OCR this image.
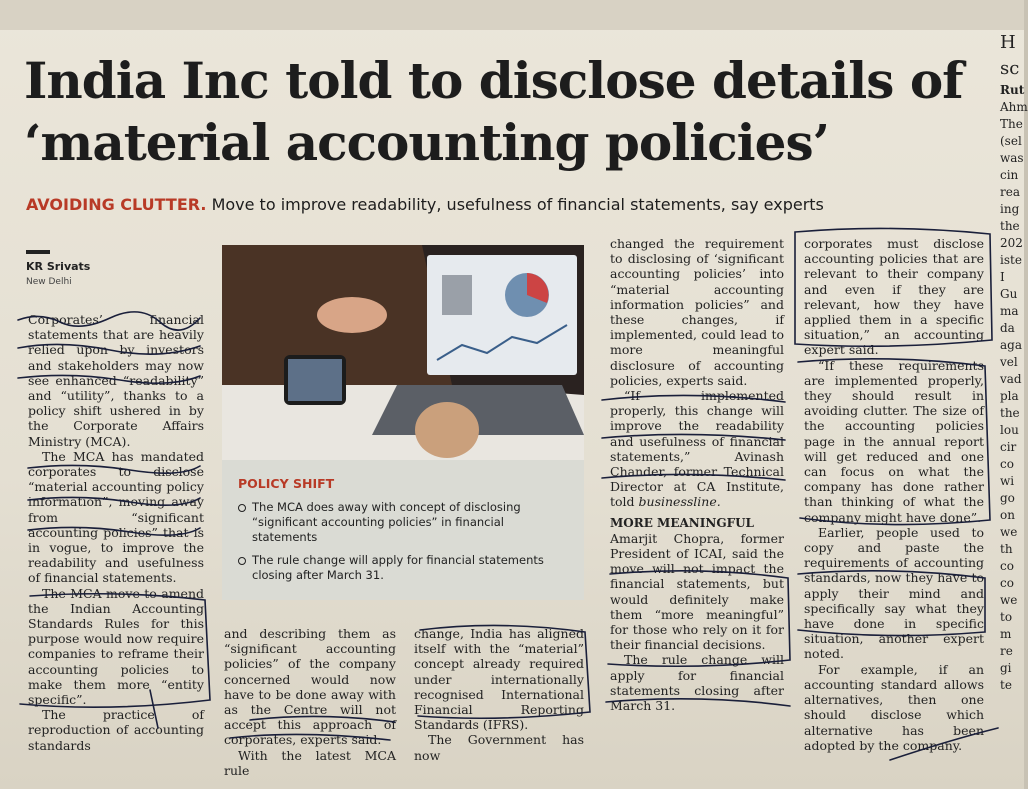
India Inc told to disclose details of ‘material accounting policies’
AVOIDING CLUTTER. Move to improve readability, usefulness of financial statements, say experts
KR Srivats
New Delhi

Corporates’ financial statements that are heavily relied upon by investors and stakeholders may now see enhanced “readability” and “utility”, thanks to a policy shift ushered in by the Corporate Affairs Ministry (MCA).

The MCA has mandated corporates to disclose “material accounting policy information”, moving away from “significant accounting policies” that is in vogue, to improve the readability and usefulness of financial statements.

The MCA move to amend the Indian Accounting Standards Rules for this purpose would now require companies to reframe their accounting policies to make them more “entity specific”.

The practice of reproduction of accounting standards

POLICY SHIFT
The MCA does away with concept of disclosing “significant accounting policies” in financial statements
The rule change will apply for financial statements closing after March 31.

and describing them as “significant accounting policies” of the company concerned would now have to be done away with as the Centre will not accept this approach of corporates, experts said.

With the latest MCA rule

change, India has aligned itself with the “material” concept already required under internationally recognised International Financial Reporting Standards (IFRS).

The Government has now

changed the requirement to disclosing of ‘significant accounting policies’ into “material accounting information policies” and these changes, if implemented, could lead to more meaningful disclosure of accounting policies, experts said.

“If implemented properly, this change will improve the readability and usefulness of financial statements,” Avinash Chander, former Technical Director at CA Institute, told businessline.

MORE MEANINGFUL

Amarjit Chopra, former President of ICAI, said the move will not impact the financial statements, but would definitely make them “more meaningful” for those who rely on it for their financial decisions.

The rule change will apply for financial statements closing after March 31.

corporates must disclose accounting policies that are relevant to their company and even if they are relevant, how they have applied them in a specific situation,” an accounting expert said.

“If these requirements are implemented properly, they should result in avoiding clutter. The size of the accounting policies page in the annual report will get reduced and one can focus on what the company has done rather than thinking of what the company might have done”.

Earlier, people used to copy and paste the requirements of accounting standards, now they have to apply their mind and specifically say what they have done in specific situation, another expert noted.

For example, if an accounting standard allows alternatives, then one should disclose which alternative has been adopted by the company.

H
sc
Rut
Ahm
The
(sel
was
cin
rea
ing
the
202
iste
I
Gu
ma
da
aga
vel
vad
pla
the
lou
cir
co
wi
go
on
we
th
co
co
we
to
m
re
gi
te
